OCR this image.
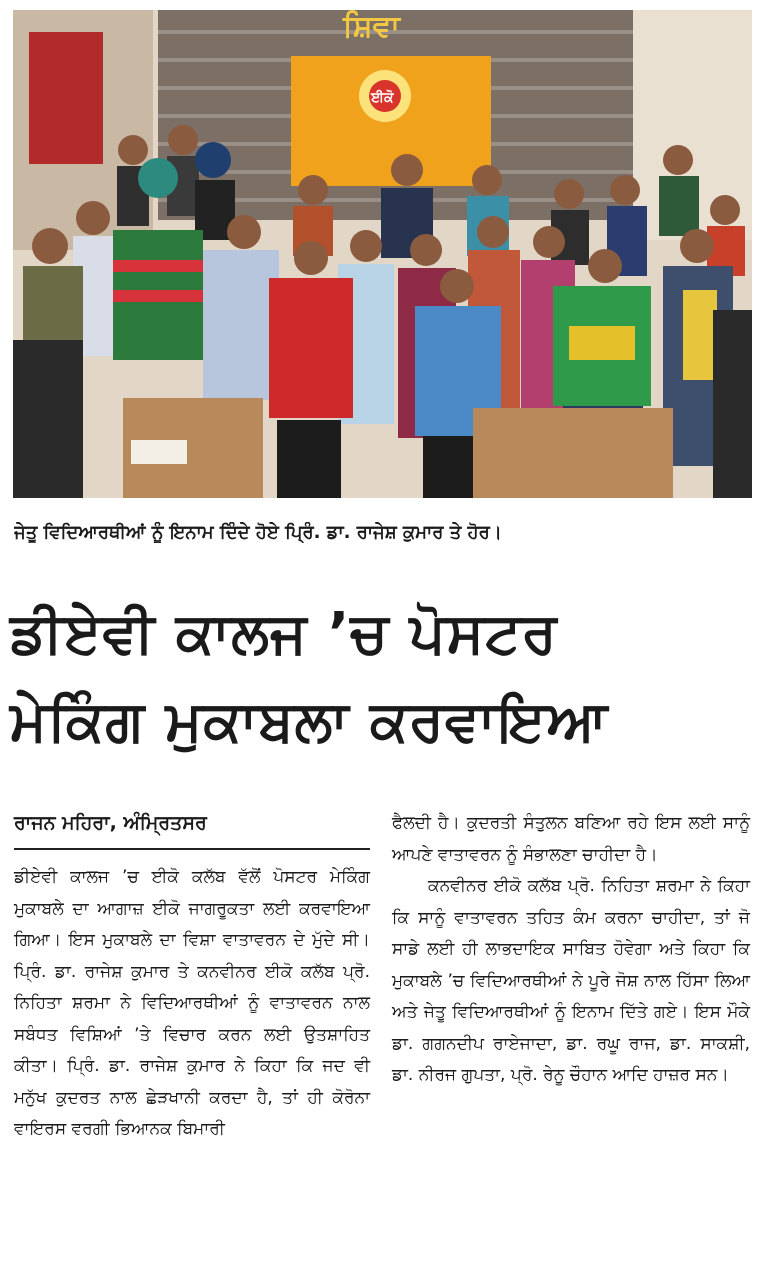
ਸ਼ਿਵਾ
ਈਕੋ
ਜੇਤੂ ਵਿਦਿਆਰਥੀਆਂ ਨੂੰ ਇਨਾਮ ਦਿੰਦੇ ਹੋਏ ਪ੍ਰਿੰ. ਡਾ. ਰਾਜੇਸ਼ ਕੁਮਾਰ ਤੇ ਹੋਰ।
ਡੀਏਵੀ ਕਾਲਜ ’ਚ ਪੋਸਟਰ
ਮੇਕਿੰਗ ਮੁਕਾਬਲਾ ਕਰਵਾਇਆ
ਰਾਜਨ ਮਹਿਰਾ, ਅੰਮ੍ਰਿਤਸਰ

ਡੀਏਵੀ ਕਾਲਜ ’ਚ ਈਕੋ ਕਲੱਬ ਵੱਲੋਂ ਪੋਸਟਰ ਮੇਕਿੰਗ ਮੁਕਾਬਲੇ ਦਾ ਆਗਾਜ਼ ਈਕੋ ਜਾਗਰੂਕਤਾ ਲਈ ਕਰਵਾਇਆ ਗਿਆ। ਇਸ ਮੁਕਾਬਲੇ ਦਾ ਵਿਸ਼ਾ ਵਾਤਾਵਰਨ ਦੇ ਮੁੱਦੇ ਸੀ। ਪ੍ਰਿੰ. ਡਾ. ਰਾਜੇਸ਼ ਕੁਮਾਰ ਤੇ ਕਨਵੀਨਰ ਈਕੋ ਕਲੱਬ ਪ੍ਰੋ. ਨਿਹਿਤਾ ਸ਼ਰਮਾ ਨੇ ਵਿਦਿਆਰਥੀਆਂ ਨੂੰ ਵਾਤਾਵਰਨ ਨਾਲ ਸਬੰਧਤ ਵਿਸ਼ਿਆਂ ’ਤੇ ਵਿਚਾਰ ਕਰਨ ਲਈ ਉਤਸ਼ਾਹਿਤ ਕੀਤਾ। ਪ੍ਰਿੰ. ਡਾ. ਰਾਜੇਸ਼ ਕੁਮਾਰ ਨੇ ਕਿਹਾ ਕਿ ਜਦ ਵੀ ਮਨੁੱਖ ਕੁਦਰਤ ਨਾਲ ਛੇੜਖਾਨੀ ਕਰਦਾ ਹੈ, ਤਾਂ ਹੀ ਕੋਰੋਨਾ ਵਾਇਰਸ ਵਰਗੀ ਭਿਆਨਕ ਬਿਮਾਰੀ

ਫੈਲਦੀ ਹੈ। ਕੁਦਰਤੀ ਸੰਤੁਲਨ ਬਣਿਆ ਰਹੇ ਇਸ ਲਈ ਸਾਨੂੰ ਆਪਣੇ ਵਾਤਾਵਰਨ ਨੂੰ ਸੰਭਾਲਣਾ ਚਾਹੀਦਾ ਹੈ।

ਕਨਵੀਨਰ ਈਕੋ ਕਲੱਬ ਪ੍ਰੋ. ਨਿਹਿਤਾ ਸ਼ਰਮਾ ਨੇ ਕਿਹਾ ਕਿ ਸਾਨੂੰ ਵਾਤਾਵਰਨ ਤਹਿਤ ਕੰਮ ਕਰਨਾ ਚਾਹੀਦਾ, ਤਾਂ ਜੋ ਸਾਡੇ ਲਈ ਹੀ ਲਾਭਦਾਇਕ ਸਾਬਿਤ ਹੋਵੇਗਾ ਅਤੇ ਕਿਹਾ ਕਿ ਮੁਕਾਬਲੇ ’ਚ ਵਿਦਿਆਰਥੀਆਂ ਨੇ ਪੂਰੇ ਜੋਸ਼ ਨਾਲ ਹਿੱਸਾ ਲਿਆ ਅਤੇ ਜੇਤੂ ਵਿਦਿਆਰਥੀਆਂ ਨੂੰ ਇਨਾਮ ਦਿੱਤੇ ਗਏ। ਇਸ ਮੌਕੇ ਡਾ. ਗਗਨਦੀਪ ਰਾਏਜਾਦਾ, ਡਾ. ਰਘੂ ਰਾਜ, ਡਾ. ਸਾਕਸ਼ੀ, ਡਾ. ਨੀਰਜ ਗੁਪਤਾ, ਪ੍ਰੋ. ਰੇਨੂ ਚੌਹਾਨ ਆਦਿ ਹਾਜ਼ਰ ਸਨ।
